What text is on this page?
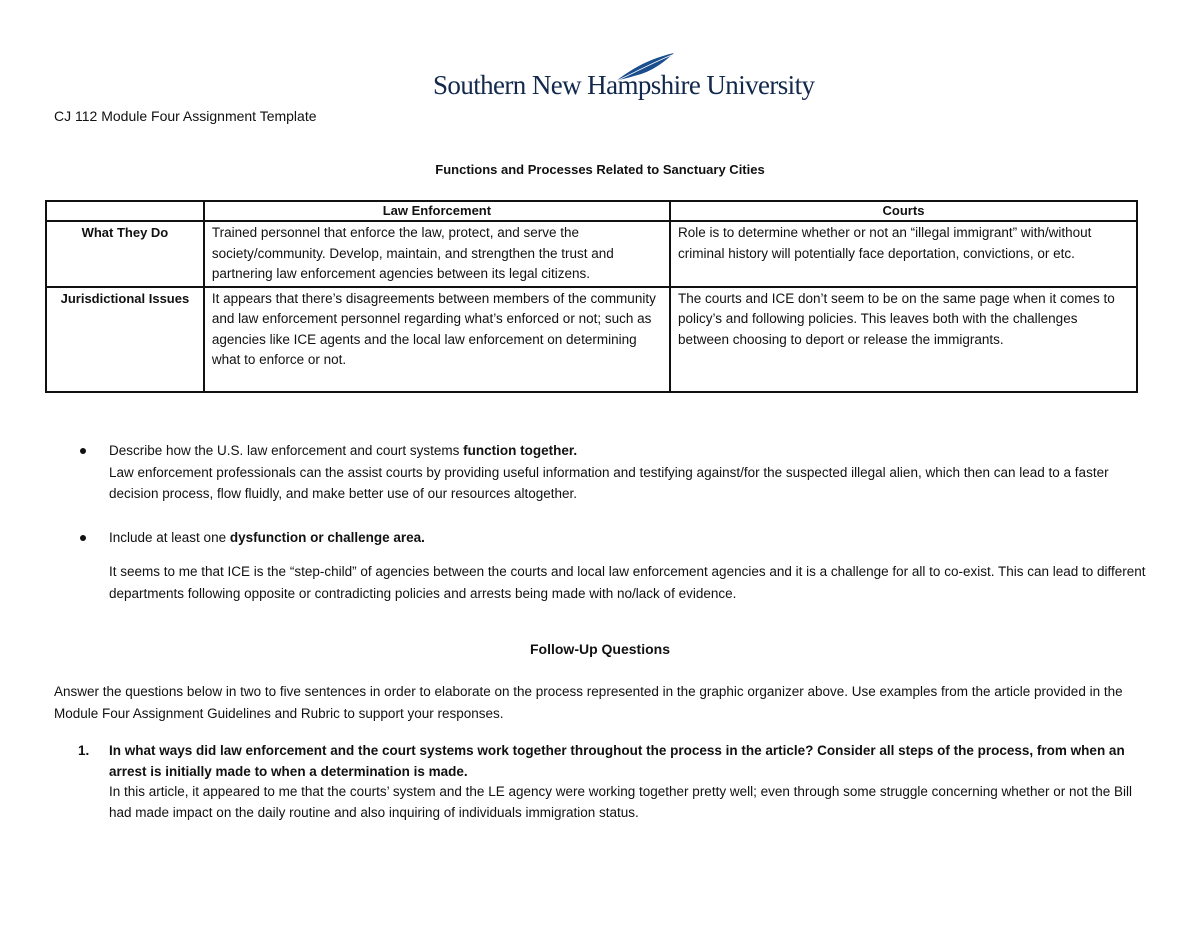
Southern New Hampshire University
CJ 112 Module Four Assignment Template
Functions and Processes Related to Sanctuary Cities
	Law Enforcement	Courts
What They Do	Trained personnel that enforce the law, protect, and serve the society/community. Develop, maintain, and strengthen the trust and partnering law enforcement agencies between its legal citizens.	Role is to determine whether or not an “illegal immigrant” with/without criminal history will potentially face deportation, convictions, or etc.
Jurisdictional Issues	It appears that there’s disagreements between members of the community and law enforcement personnel regarding what’s enforced or not; such as agencies like ICE agents and the local law enforcement on determining what to enforce or not.	The courts and ICE don’t seem to be on the same page when it comes to policy’s and following policies. This leaves both with the challenges between choosing to deport or release the immigrants.
Describe how the U.S. law enforcement and court systems function together.
Law enforcement professionals can the assist courts by providing useful information and testifying against/for the suspected illegal alien, which then can lead to a faster decision process, flow fluidly, and make better use of our resources altogether.
Include at least one dysfunction or challenge area.
It seems to me that ICE is the “step-child” of agencies between the courts and local law enforcement agencies and it is a challenge for all to co-exist. This can lead to different departments following opposite or contradicting policies and arrests being made with no/lack of evidence.
Follow-Up Questions
Answer the questions below in two to five sentences in order to elaborate on the process represented in the graphic organizer above. Use examples from the article provided in the Module Four Assignment Guidelines and Rubric to support your responses.
1. In what ways did law enforcement and the court systems work together throughout the process in the article? Consider all steps of the process, from when an arrest is initially made to when a determination is made.
In this article, it appeared to me that the courts’ system and the LE agency were working together pretty well; even through some struggle concerning whether or not the Bill had made impact on the daily routine and also inquiring of individuals immigration status.
